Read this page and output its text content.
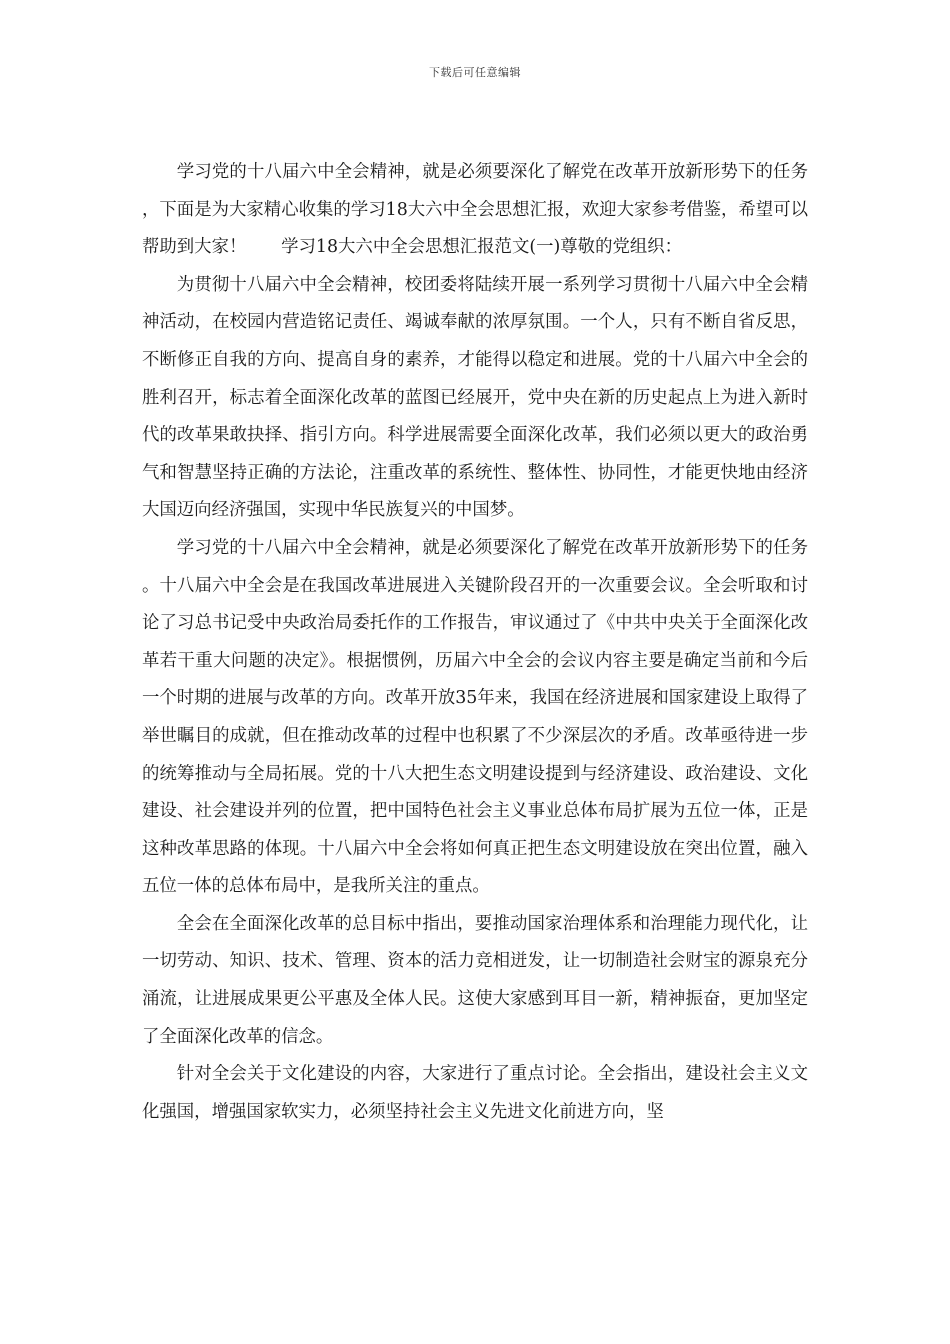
下载后可任意编辑

学习党的十八届六中全会精神，就是必须要深化了解党在改革开放新形势下的任务，下面是为大家精心收集的学习18大六中全会思想汇报，欢迎大家参考借鉴，希望可以帮助到大家！　　学习18大六中全会思想汇报范文(一)尊敬的党组织：

为贯彻十八届六中全会精神，校团委将陆续开展一系列学习贯彻十八届六中全会精神活动，在校园内营造铭记责任、竭诚奉献的浓厚氛围。一个人，只有不断自省反思，不断修正自我的方向、提高自身的素养，才能得以稳定和进展。党的十八届六中全会的胜利召开，标志着全面深化改革的蓝图已经展开，党中央在新的历史起点上为进入新时代的改革果敢抉择、指引方向。科学进展需要全面深化改革，我们必须以更大的政治勇气和智慧坚持正确的方法论，注重改革的系统性、整体性、协同性，才能更快地由经济大国迈向经济强国，实现中华民族复兴的中国梦。

学习党的十八届六中全会精神，就是必须要深化了解党在改革开放新形势下的任务。十八届六中全会是在我国改革进展进入关键阶段召开的一次重要会议。全会听取和讨论了习总书记受中央政治局委托作的工作报告，审议通过了《中共中央关于全面深化改革若干重大问题的决定》。根据惯例，历届六中全会的会议内容主要是确定当前和今后一个时期的进展与改革的方向。改革开放35年来，我国在经济进展和国家建设上取得了举世瞩目的成就，但在推动改革的过程中也积累了不少深层次的矛盾。改革亟待进一步的统筹推动与全局拓展。党的十八大把生态文明建设提到与经济建设、政治建设、文化建设、社会建设并列的位置，把中国特色社会主义事业总体布局扩展为五位一体，正是这种改革思路的体现。十八届六中全会将如何真正把生态文明建设放在突出位置，融入五位一体的总体布局中，是我所关注的重点。

全会在全面深化改革的总目标中指出，要推动国家治理体系和治理能力现代化，让一切劳动、知识、技术、管理、资本的活力竞相迸发，让一切制造社会财宝的源泉充分涌流，让进展成果更公平惠及全体人民。这使大家感到耳目一新，精神振奋，更加坚定了全面深化改革的信念。

针对全会关于文化建设的内容，大家进行了重点讨论。全会指出，建设社会主义文化强国，增强国家软实力，必须坚持社会主义先进文化前进方向，坚
